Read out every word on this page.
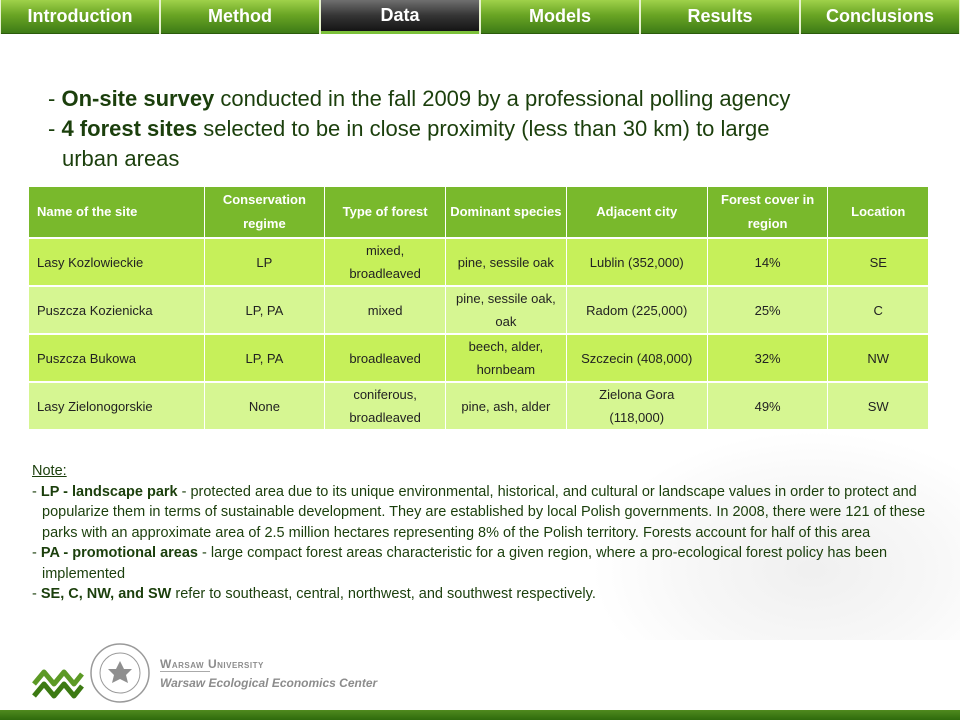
Introduction	Method	Data	Models	Results	Conclusions

- On-site survey conducted in the fall 2009 by a professional polling agency

- 4 forest sites selected to be in close proximity (less than 30 km) to large

urban areas

Name of the site	Conservation regime	Type of forest	Dominant species	Adjacent city	Forest cover in region	Location
Lasy Kozlowieckie	LP	mixed, broadleaved	pine, sessile oak	Lublin (352,000)	14%	SE
Puszcza Kozienicka	LP, PA	mixed	pine, sessile oak, oak	Radom (225,000)	25%	C
Puszcza Bukowa	LP, PA	broadleaved	beech, alder, hornbeam	Szczecin (408,000)	32%	NW
Lasy Zielonogorskie	None	coniferous, broadleaved	pine, ash, alder	Zielona Gora (118,000)	49%	SW
Note:
- LP - landscape park - protected area due to its unique environmental, historical, and cultural or landscape values in order to protect and popularize them in terms of sustainable development. They are established by local Polish governments. In 2008, there were 121 of these parks with an approximate area of 2.5 million hectares representing 8% of the Polish territory. Forests account for half of this area
- PA - promotional areas - large compact forest areas characteristic for a given region, where a pro-ecological forest policy has been implemented
- SE, C, NW, and SW refer to southeast, central, northwest, and southwest respectively.
Warsaw University
Warsaw Ecological Economics Center
